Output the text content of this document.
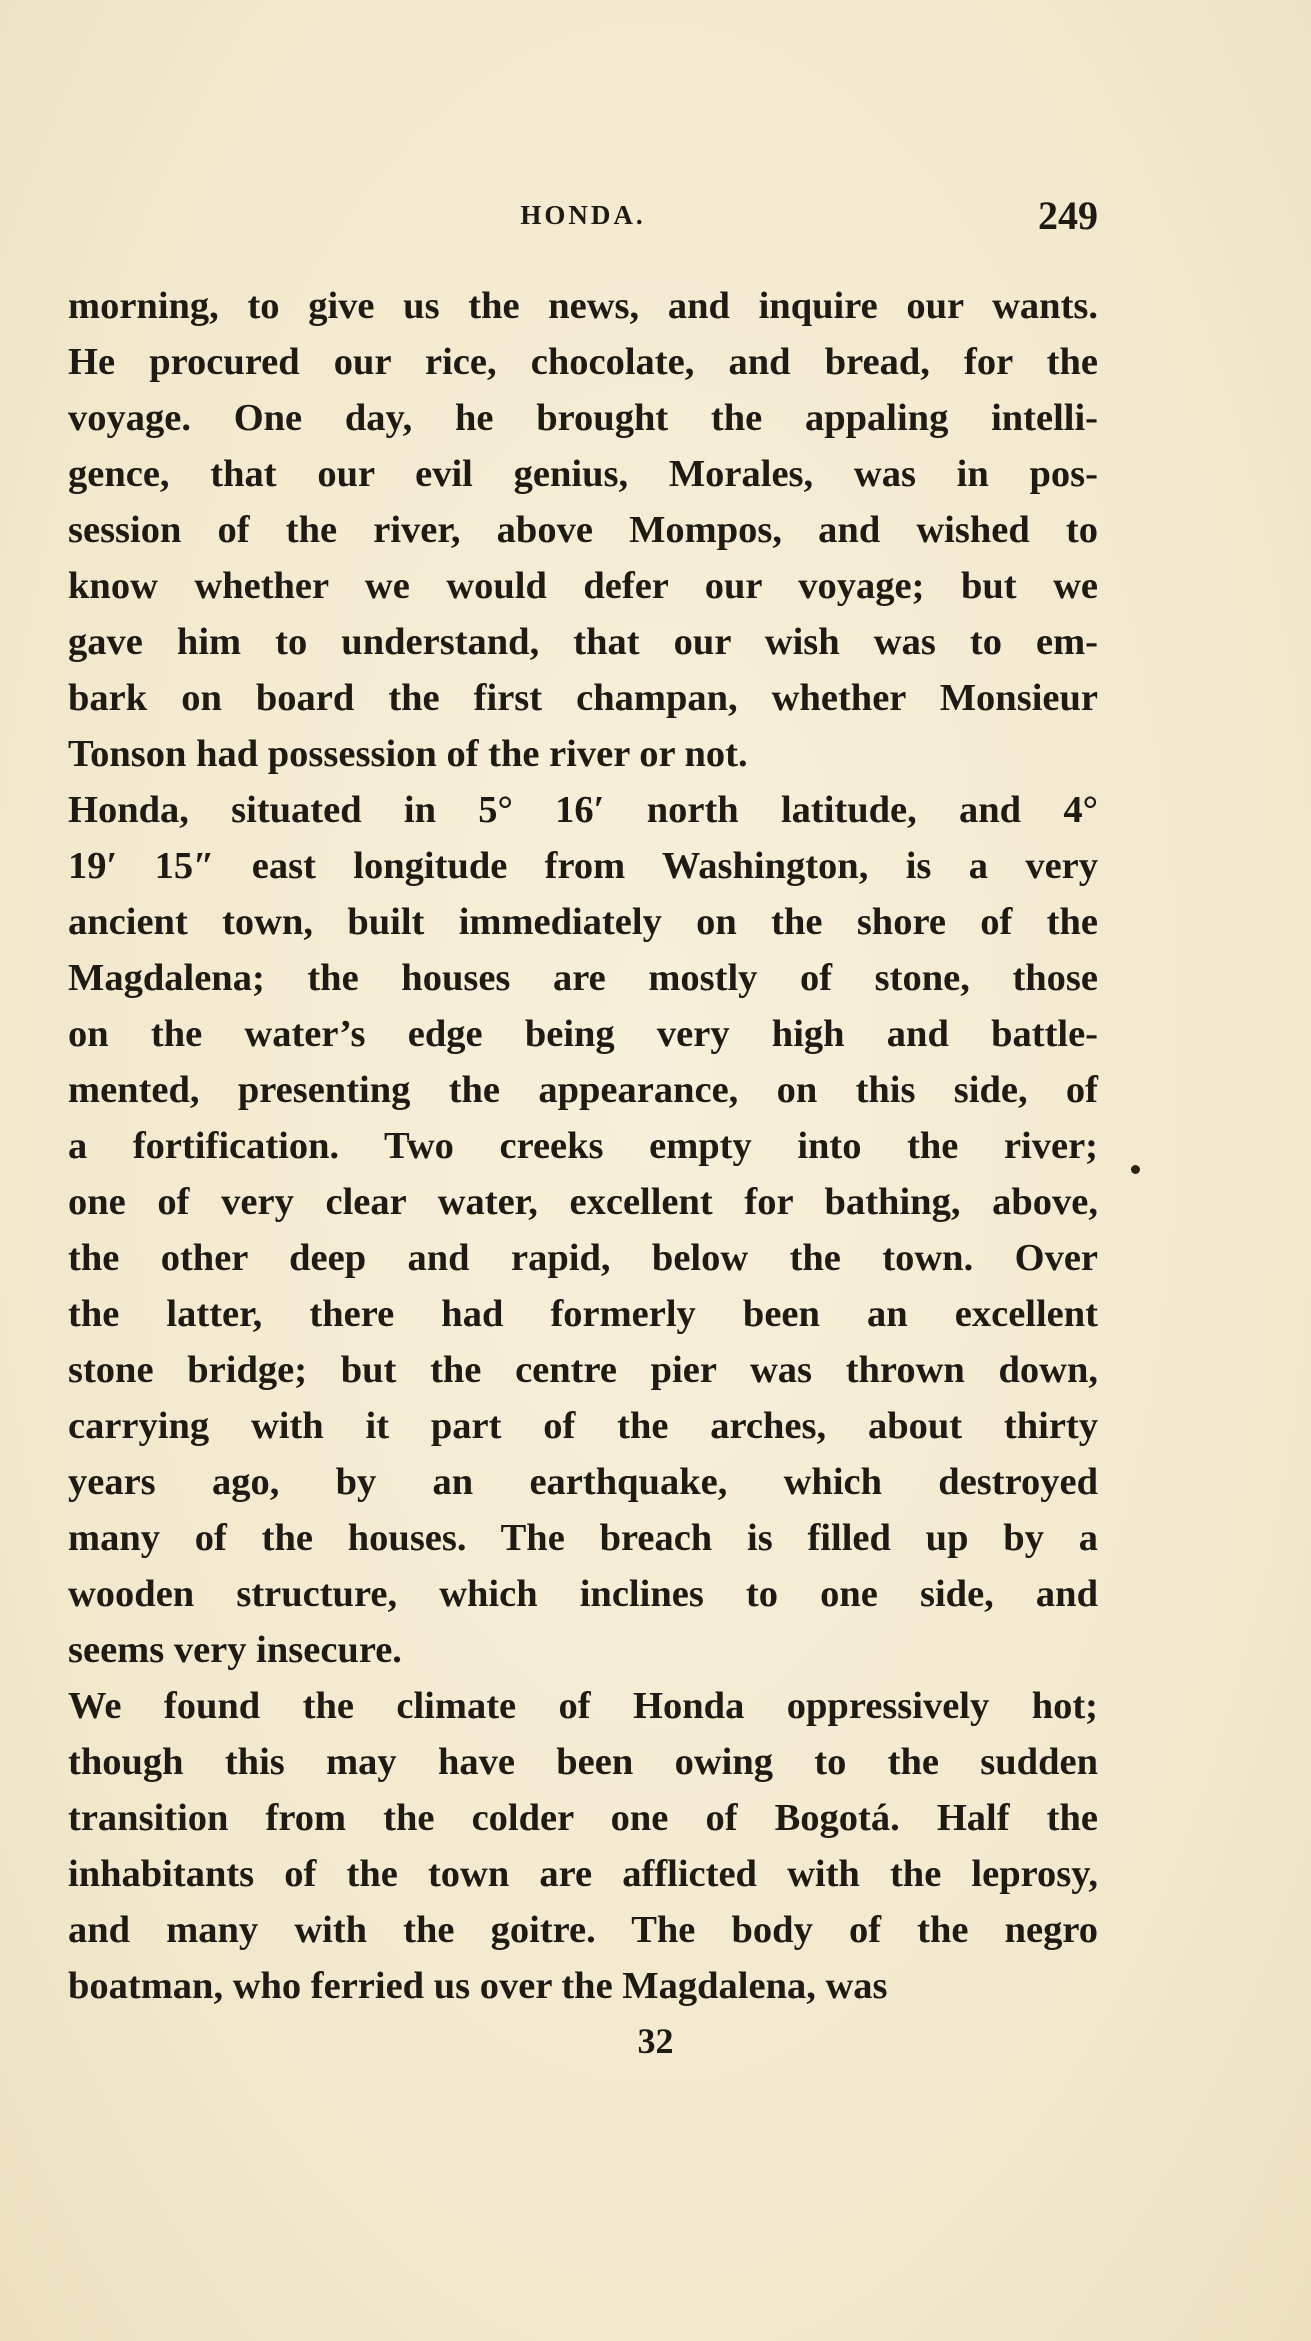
HONDA.	249
morning, to give us the news, and inquire our wants.
He procured our rice, chocolate, and bread, for the
voyage. One day, he brought the appaling intelli-
gence, that our evil genius, Morales, was in pos-
session of the river, above Mompos, and wished to
know whether we would defer our voyage; but we
gave him to understand, that our wish was to em-
bark on board the first champan, whether Monsieur
Tonson had possession of the river or not.
Honda, situated in 5° 16′ north latitude, and 4°
19′ 15″ east longitude from Washington, is a very
ancient town, built immediately on the shore of the
Magdalena; the houses are mostly of stone, those
on the water’s edge being very high and battle-
mented, presenting the appearance, on this side, of
a fortification. Two creeks empty into the river;
one of very clear water, excellent for bathing, above,
the other deep and rapid, below the town. Over
the latter, there had formerly been an excellent
stone bridge; but the centre pier was thrown down,
carrying with it part of the arches, about thirty
years ago, by an earthquake, which destroyed
many of the houses. The breach is filled up by a
wooden structure, which inclines to one side, and
seems very insecure.
We found the climate of Honda oppressively hot;
though this may have been owing to the sudden
transition from the colder one of Bogotá. Half the
inhabitants of the town are afflicted with the leprosy,
and many with the goitre. The body of the negro
boatman, who ferried us over the Magdalena, was
32
